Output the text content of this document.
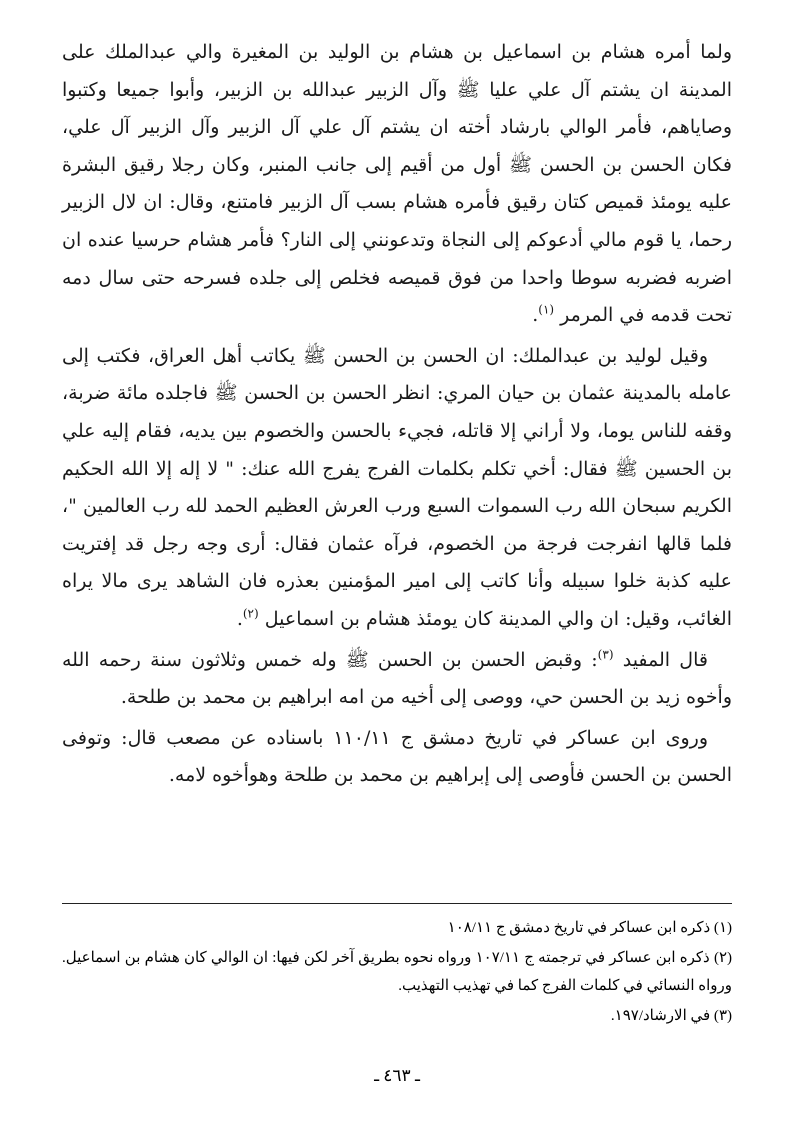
ولما أمره هشام بن اسماعيل بن هشام بن الوليد بن المغيرة والي عبدالملك على المدينة ان يشتم آل علي عليا ﷺ وآل الزبير عبدالله بن الزبير، وأبوا جميعا وكتبوا وصاياهم، فأمر الوالي بارشاد أخته ان يشتم آل علي آل الزبير وآل الزبير آل علي، فكان الحسن بن الحسن ﷺ أول من أقيم إلى جانب المنبر، وكان رجلا رقيق البشرة عليه يومئذ قميص كتان رقيق فأمره هشام بسب آل الزبير فامتنع، وقال: ان لال الزبير رحما، يا قوم مالي أدعوكم إلى النجاة وتدعونني إلى النار؟ فأمر هشام حرسيا عنده ان اضربه فضربه سوطا واحدا من فوق قميصه فخلص إلى جلده فسرحه حتى سال دمه تحت قدمه في المرمر $^{(١)}$.

وقيل لوليد بن عبدالملك: ان الحسن بن الحسن ﷺ يكاتب أهل العراق، فكتب إلى عامله بالمدينة عثمان بن حيان المري: انظر الحسن بن الحسن ﷺ فاجلده مائة ضربة، وقفه للناس يوما، ولا أراني إلا قاتله، فجيء بالحسن والخصوم بين يديه، فقام إليه علي بن الحسين ﷺ فقال: أخي تكلم بكلمات الفرج يفرج الله عنك: " لا إله إلا الله الحكيم الكريم سبحان الله رب السموات السبع ورب العرش العظيم الحمد لله رب العالمين "، فلما قالها انفرجت فرجة من الخصوم، فرآه عثمان فقال: أرى وجه رجل قد إفتريت عليه كذبة خلوا سبيله وأنا كاتب إلى امير المؤمنين بعذره فان الشاهد يرى مالا يراه الغائب، وقيل: ان والي المدينة كان يومئذ هشام بن اسماعيل $^{(٢)}$.

قال المفيد $^{(٣)}$: وقبض الحسن بن الحسن ﷺ وله خمس وثلاثون سنة رحمه الله وأخوه زيد بن الحسن حي، ووصى إلى أخيه من امه ابراهيم بن محمد بن طلحة.

وروى ابن عساكر في تاريخ دمشق ج ١١٠/١١ باسناده عن مصعب قال: وتوفى الحسن بن الحسن فأوصى إلى إبراهيم بن محمد بن طلحة وهوأخوه لامه.

(١) ذكره ابن عساكر في تاريخ دمشق ج ١٠٨/١١

(٢) ذكره ابن عساكر في ترجمته ج ١٠٧/١١ ورواه نحوه بطريق آخر لكن فيها: ان الوالي كان هشام بن اسماعيل. ورواه النسائي في كلمات الفرج كما في تهذيب التهذيب.

(٣) في الارشاد/١٩٧.

ـ ٤٦٣ ـ
